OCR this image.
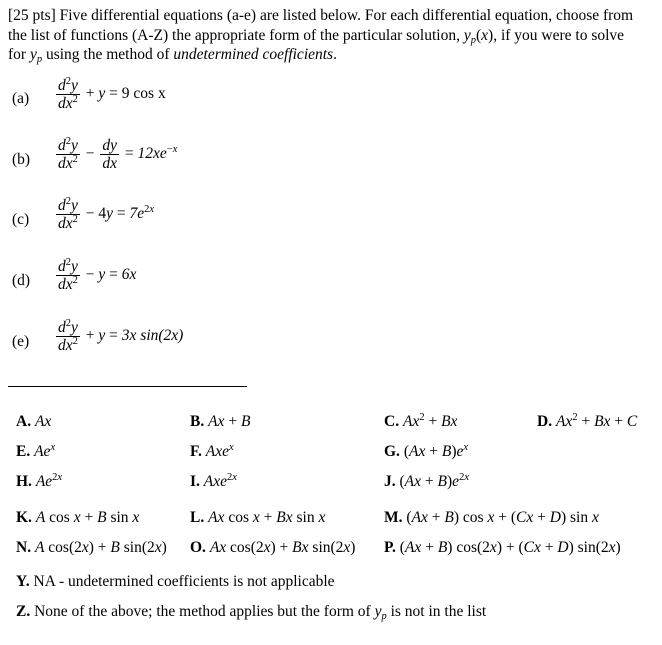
[25 pts] Five differential equations (a-e) are listed below. For each differential equation, choose from
the list of functions (A-Z) the appropriate form of the particular solution, $y_p(x)$, if you were to solve
for $y_p$ using the method of undetermined coefficients.
$(a) \frac{d^2y}{dx^2} + y = 9$ cos x
$(b) \frac{d^2y}{dx^2} - \frac{dy}{dx} = 12xe^{-x}$
$(c) \frac{d^2y}{dx^2} - 4y = 7e^{2x}$
$(d) \frac{d^2y}{dx^2} - y = 6x$
$(e) \frac{d^2y}{dx^2} + y = 3x$ sin(2x)
A. Ax	B. Ax + B	C. $Ax^2 + Bx$	D. $Ax^2 + Bx + C$
E. Ae$^x$	F. Axe$^x$	G. $(Ax + B)e^x$
H. $Ae^{2x}$	I. Axe$^{2x}$	J. $(Ax + B)e^{2x}$
K. A cos x + B sin x	L. Ax cos x + Bx sin x	M. (Ax + B) cos x + (Cx + D) sin x
N. A cos(2x) + B sin(2x) O. Ax cos(2x) + Bx sin(2x) P. (Ax + B) cos(2x) + (Cx + D) sin(2x)
Y. NA - undetermined coefficients is not applicable
Z. None of the above; the method applies but the form of $y_p$ is not in the list
